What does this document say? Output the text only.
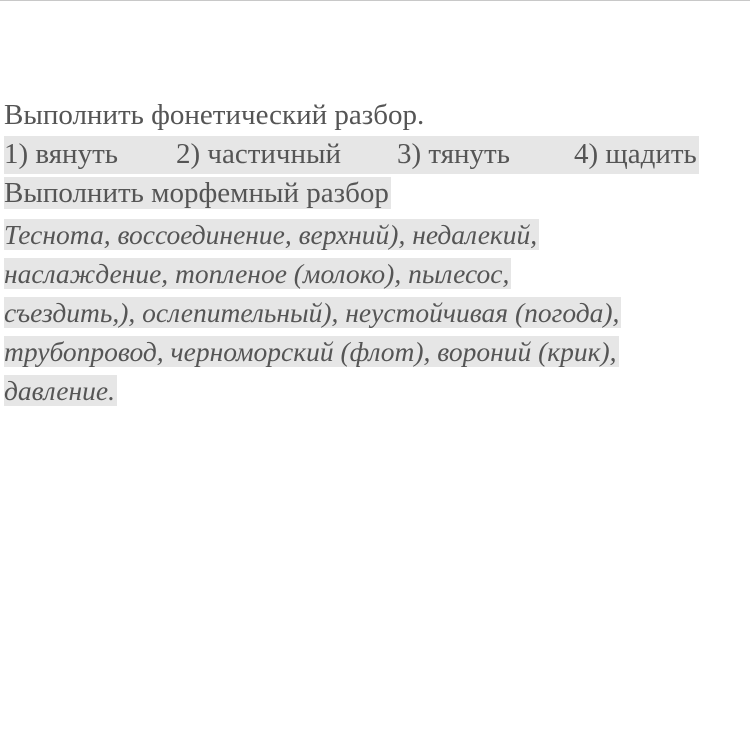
Выполнить фонетический разбор.

1) вянуть	2) частичный	3) тянуть	4) щадить

Выполнить морфемный разбор

Теснота, воссоединение, верхний), недалекий,

наслаждение, топленое (молоко), пылесос,

съездить,), ослепительный), неустойчивая (погода),

трубопровод, черноморский (флот), вороний (крик),

давление.
